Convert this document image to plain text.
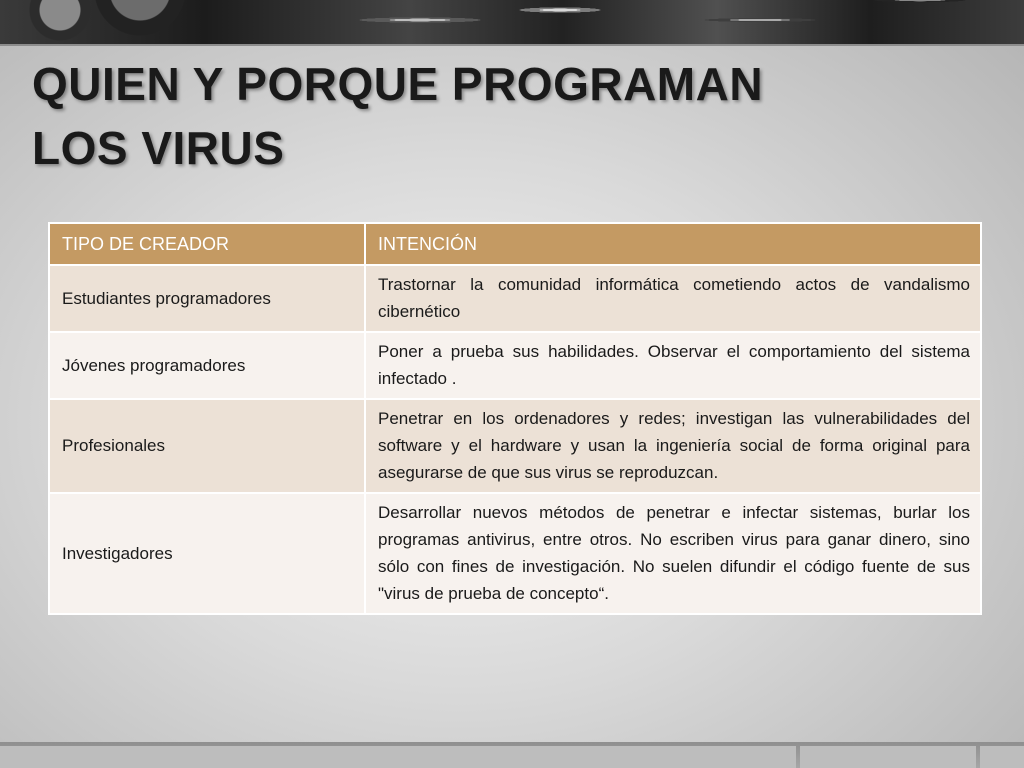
QUIEN Y PORQUE PROGRAMAN
LOS VIRUS
TIPO DE CREADOR	INTENCIÓN
Estudiantes programadores	Trastornar la comunidad informática cometiendo actos de vandalismo cibernético
Jóvenes programadores	Poner a prueba sus habilidades. Observar el comportamiento del sistema infectado .
Profesionales	Penetrar en los ordenadores y redes; investigan las vulnerabilidades del software y el hardware y usan la ingeniería social de forma original para asegurarse de que sus virus se reproduzcan.
Investigadores	Desarrollar nuevos métodos de penetrar e infectar sistemas, burlar los programas antivirus, entre otros. No escriben virus para ganar dinero, sino sólo con fines de investigación. No suelen difundir el código fuente de sus "virus de prueba de concepto“.
